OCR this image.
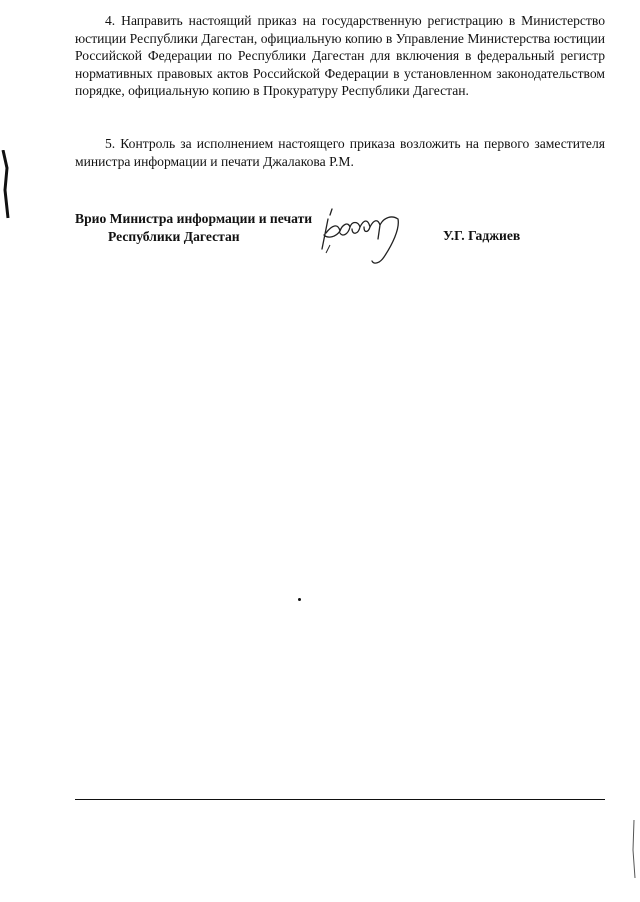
4. Направить настоящий приказ на государственную регистрацию в Министерство юстиции Республики Дагестан, официальную копию в Управление Министерства юстиции Российской Федерации по Республики Дагестан для включения в федеральный регистр нормативных правовых актов Российской Федерации в установленном законодательством порядке, официальную копию в Прокуратуру Республики Дагестан.

5. Контроль за исполнением настоящего приказа возложить на первого заместителя министра информации и печати Джалакова Р.М.

Врио Министра информации и печати
Республики Дагестан	У.Г. Гаджиев
